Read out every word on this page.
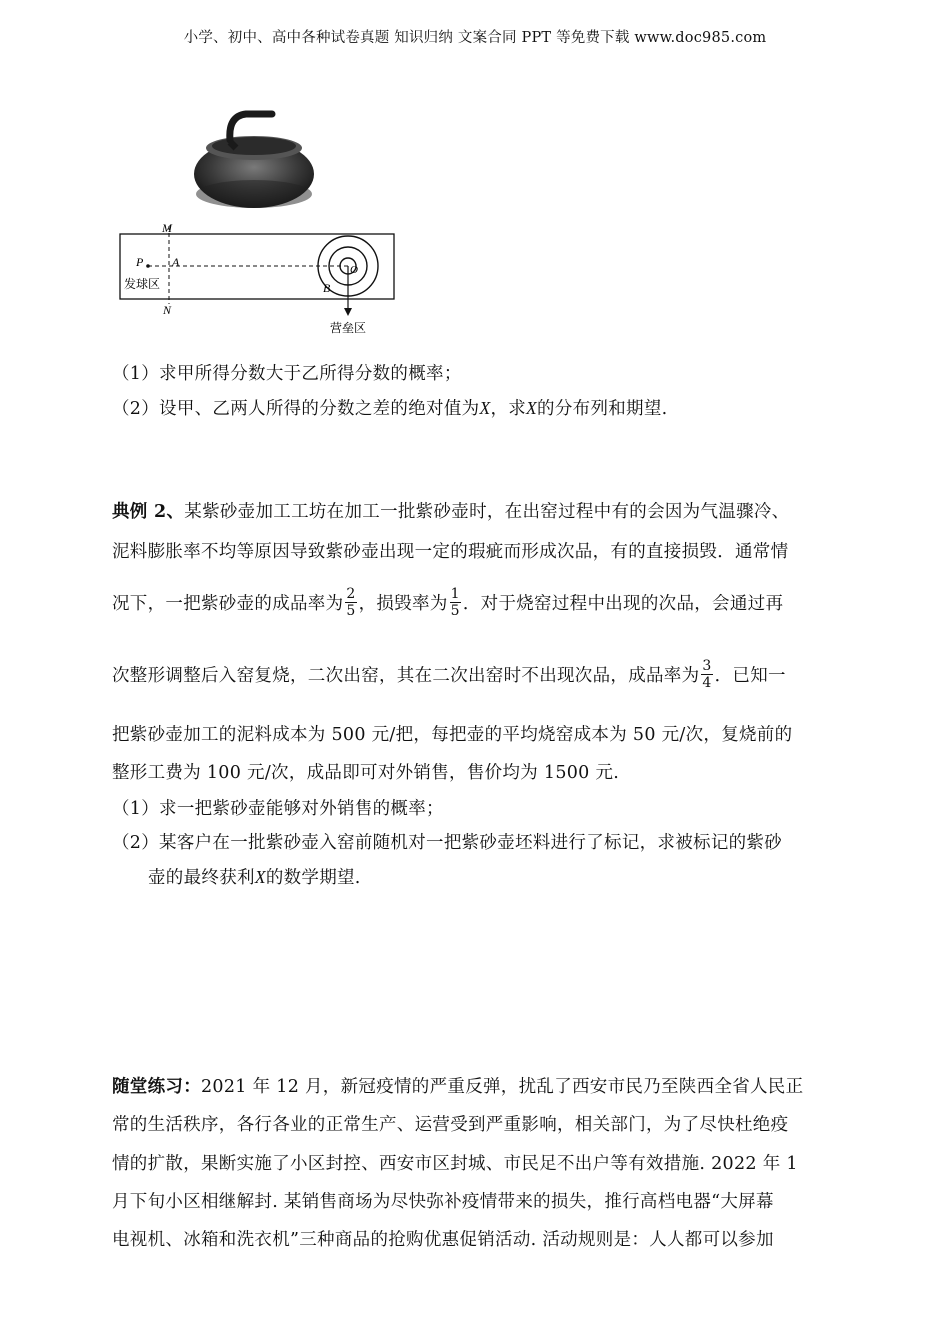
小学、初中、高中各种试卷真题 知识归纳 文案合同 PPT 等免费下载 www.doc985.com
M
N
P A
O
B
发球区
营垒区
（1）求甲所得分数大于乙所得分数的概率；
（2）设甲、乙两人所得的分数之差的绝对值为X，求X的分布列和期望.
典例 2、某紫砂壶加工工坊在加工一批紫砂壶时，在出窑过程中有的会因为气温骤冷、
泥料膨胀率不均等原因导致紫砂壶出现一定的瑕疵而形成次品，有的直接损毁．通常情
况下，一把紫砂壶的成品率为 $\frac{2}{5}$ ，损毁率为 $\frac{1}{5}$ ．对于烧窑过程中出现的次品，会通过再
次整形调整后入窑复烧，二次出窑，其在二次出窑时不出现次品，成品率为 $\frac{3}{4}$ ．已知一
把紫砂壶加工的泥料成本为 500 元/把，每把壶的平均烧窑成本为 50 元/次，复烧前的
整形工费为 100 元/次，成品即可对外销售，售价均为 1500 元.
（1）求一把紫砂壶能够对外销售的概率；
（2）某客户在一批紫砂壶入窑前随机对一把紫砂壶坯料进行了标记，求被标记的紫砂
壶的最终获利X的数学期望.
随堂练习：2021 年 12 月，新冠疫情的严重反弹，扰乱了西安市民乃至陕西全省人民正
常的生活秩序，各行各业的正常生产、运营受到严重影响，相关部门，为了尽快杜绝疫
情的扩散，果断实施了小区封控、西安市区封城、市民足不出户等有效措施. 2022 年 1
月下旬小区相继解封. 某销售商场为尽快弥补疫情带来的损失，推行高档电器“大屏幕
电视机、冰箱和洗衣机”三种商品的抢购优惠促销活动. 活动规则是：人人都可以参加
